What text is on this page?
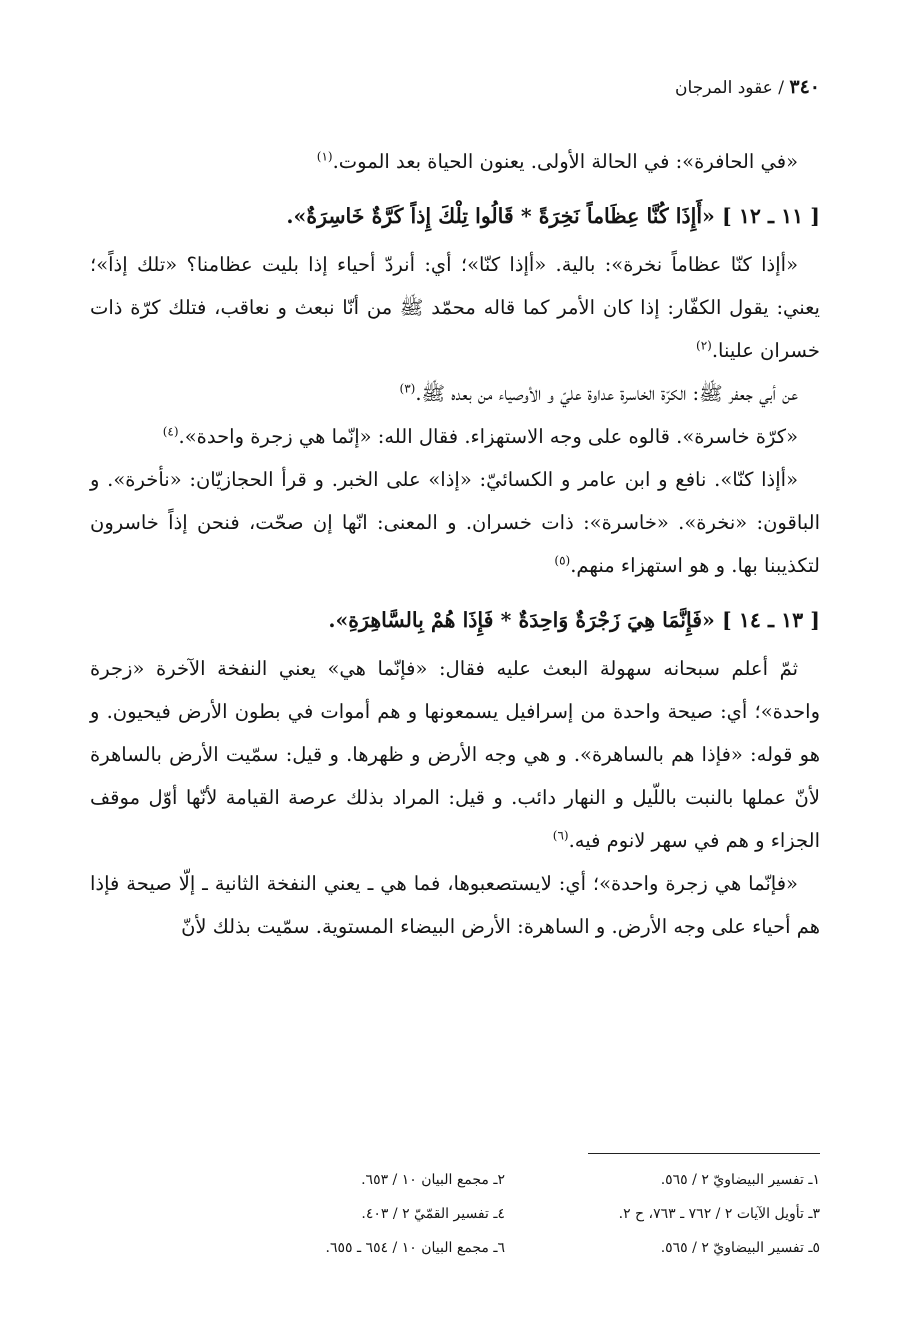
٣٤٠ / عقود المرجان

«في الحافرة»: في الحالة الأولى. يعنون الحياة بعد الموت.$^{(١)}$

[ ١١ ـ ١٢ ] «أَإِذَا كُنَّا عِظَاماً نَخِرَةً * قَالُوا تِلْكَ إِذاً كَرَّةٌ خَاسِرَةٌ».

«أإذا كنّا عظاماً نخرة»: بالية. «أإذا كنّا»؛ أي: أنردّ أحياء إذا بليت عظامنا؟ «تلك إذاً»؛ يعني: يقول الكفّار: إذا كان الأمر كما قاله محمّد ﷺ من أنّا نبعث و نعاقب، فتلك كرّة ذات خسران علينا.$^{(٢)}$

عن أبي جعفر ﷺ: الكرّة الخاسرة عداوة عليّ و الأوصياء من بعده ﷺ.$^{(٣)}$

«كرّة خاسرة». قالوه على وجه الاستهزاء. فقال الله: «إنّما هي زجرة واحدة».$^{(٤)}$

«أإذا كنّا». نافع و ابن عامر و الكسائيّ: «إذا» على الخبر. و قرأ الحجازيّان: «نأخرة». و الباقون: «نخرة». «خاسرة»: ذات خسران. و المعنى: انّها إن صحّت، فنحن إذاً خاسرون لتكذيبنا بها. و هو استهزاء منهم.$^{(٥)}$

[ ١٣ ـ ١٤ ] «فَإِنَّمَا هِيَ زَجْرَةٌ وَاحِدَةٌ * فَإِذَا هُمْ بِالسَّاهِرَةِ».

ثمّ أعلم سبحانه سهولة البعث عليه فقال: «فإنّما هي» يعني النفخة الآخرة «زجرة واحدة»؛ أي: صيحة واحدة من إسرافيل يسمعونها و هم أموات في بطون الأرض فيحيون. و هو قوله: «فإذا هم بالساهرة». و هي وجه الأرض و ظهرها. و قيل: سمّيت الأرض بالساهرة لأنّ عملها بالنبت باللّيل و النهار دائب. و قيل: المراد بذلك عرصة القيامة لأنّها أوّل موقف الجزاء و هم في سهر لانوم فيه.$^{(٦)}$

«فإنّما هي زجرة واحدة»؛ أي: لايستصعبوها، فما هي ـ يعني النفخة الثانية ـ إلّا صيحة فإذا هم أحياء على وجه الأرض. و الساهرة: الأرض البيضاء المستوية. سمّيت بذلك لأنّ

١ـ تفسير البيضاويّ ٢ / ٥٦٥.
٢ـ مجمع البيان ١٠ / ٦٥٣.
٣ـ تأويل الآيات ٢ / ٧٦٢ ـ ٧٦٣، ح ٢.
٤ـ تفسير القمّيّ ٢ / ٤٠٣.
٥ـ تفسير البيضاويّ ٢ / ٥٦٥.
٦ـ مجمع البيان ١٠ / ٦٥٤ ـ ٦٥٥.
